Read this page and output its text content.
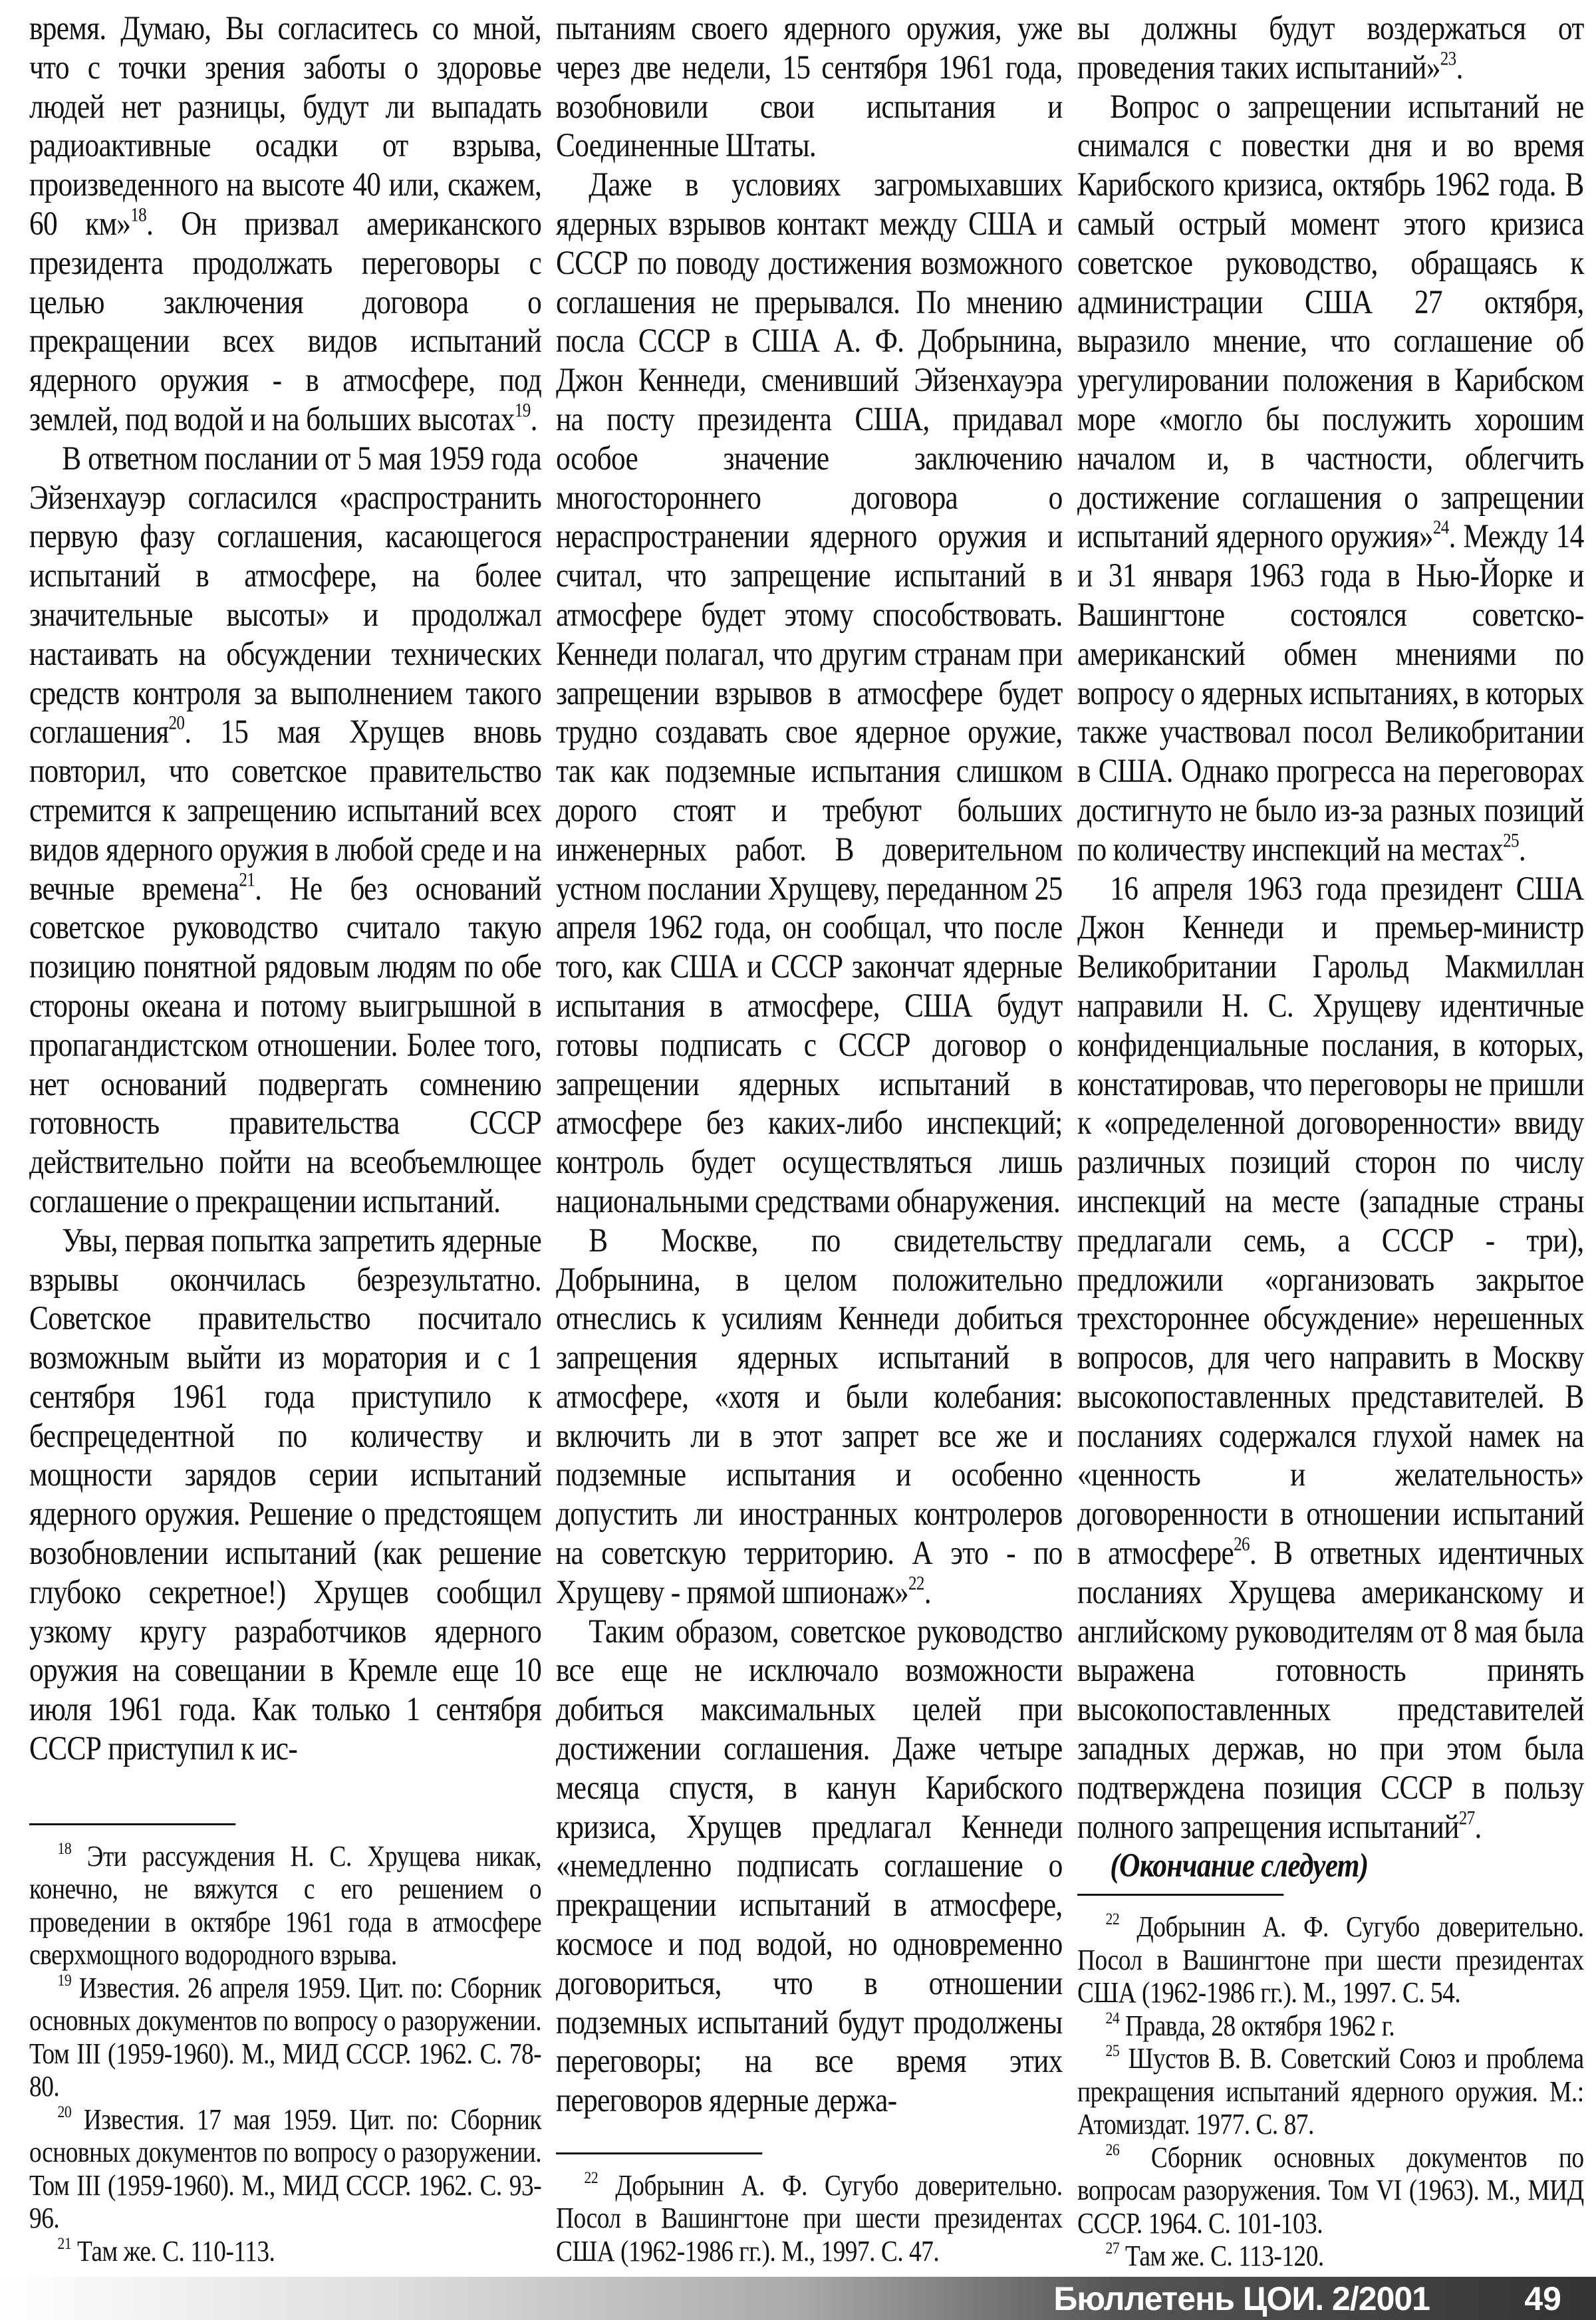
время. Думаю, Вы согласитесь со мной, что с точки зрения заботы о здоровье людей нет разницы, будут ли выпадать радиоактивные осадки от взрыва, произведенного на высоте 40 или, скажем, 60 км»$^{18}$. Он призвал американского президента продолжать переговоры с целью заключения договора о прекращении всех видов испытаний ядерного оружия - в атмосфере, под землей, под водой и на больших высотах$^{19}$.

В ответном послании от 5 мая 1959 года Эйзенхауэр согласился «распространить первую фазу соглашения, касающегося испытаний в атмосфере, на более значительные высоты» и продолжал настаивать на обсуждении технических средств контроля за выполнением такого соглашения$^{20}$. 15 мая Хрущев вновь повторил, что советское правительство стремится к запрещению испытаний всех видов ядерного оружия в любой среде и на вечные времена$^{21}$. Не без оснований советское руководство считало такую позицию понятной рядовым людям по обе стороны океана и потому выигрышной в пропагандистском отношении. Более того, нет оснований подвергать сомнению готовность правительства СССР действительно пойти на всеобъемлющее соглашение о прекращении испытаний.

Увы, первая попытка запретить ядерные взрывы окончилась безрезультатно. Советское правительство посчитало возможным выйти из моратория и с 1 сентября 1961 года приступило к беспрецедентной по количеству и мощности зарядов серии испытаний ядерного оружия. Решение о предстоящем возобновлении испытаний (как решение глубоко секретное!) Хрущев сообщил узкому кругу разработчиков ядерного оружия на совещании в Кремле еще 10 июля 1961 года. Как только 1 сентября СССР приступил к ис-

$^{18}$ Эти рассуждения Н. С. Хрущева никак, конечно, не вяжутся с его решением о проведении в октябре 1961 года в атмосфере сверхмощного водородного взрыва.

$^{19}$ Известия. 26 апреля 1959. Цит. по: Сборник основных документов по вопросу о разоружении. Том III (1959-1960). М., МИД СССР. 1962. С. 78-80.

$^{20}$ Известия. 17 мая 1959. Цит. по: Сборник основных документов по вопросу о разоружении. Том III (1959-1960). М., МИД СССР. 1962. С. 93-96.

$^{21}$ Там же. С. 110-113.

пытаниям своего ядерного оружия, уже через две недели, 15 сентября 1961 года, возобновили свои испытания и Соединенные Штаты.

Даже в условиях загромыхавших ядерных взрывов контакт между США и СССР по поводу достижения возможного соглашения не прерывался. По мнению посла СССР в США А. Ф. Добрынина, Джон Кеннеди, сменивший Эйзенхауэра на посту президента США, придавал особое значение заключению многостороннего договора о нераспространении ядерного оружия и считал, что запрещение испытаний в атмосфере будет этому способствовать. Кеннеди полагал, что другим странам при запрещении взрывов в атмосфере будет трудно создавать свое ядерное оружие, так как подземные испытания слишком дорого стоят и требуют больших инженерных работ. В доверительном устном послании Хрущеву, переданном 25 апреля 1962 года, он сообщал, что после того, как США и СССР закончат ядерные испытания в атмосфере, США будут готовы подписать с СССР договор о запрещении ядерных испытаний в атмосфере без каких-либо инспекций; контроль будет осуществляться лишь национальными средствами обнаружения.

В Москве, по свидетельству Добрынина, в целом положительно отнеслись к усилиям Кеннеди добиться запрещения ядерных испытаний в атмосфере, «хотя и были колебания: включить ли в этот запрет все же и подземные испытания и особенно допустить ли иностранных контролеров на советскую территорию. А это - по Хрущеву - прямой шпионаж»$^{22}$.

Таким образом, советское руководство все еще не исключало возможности добиться максимальных целей при достижении соглашения. Даже четыре месяца спустя, в канун Карибского кризиса, Хрущев предлагал Кеннеди «немедленно подписать соглашение о прекращении испытаний в атмосфере, космосе и под водой, но одновременно договориться, что в отношении подземных испытаний будут продолжены переговоры; на все время этих переговоров ядерные держа-

$^{22}$ Добрынин А. Ф. Сугубо доверительно. Посол в Вашингтоне при шести президентах США (1962-1986 гг.). М., 1997. С. 47.

вы должны будут воздержаться от проведения таких испытаний»$^{23}$.

Вопрос о запрещении испытаний не снимался с повестки дня и во время Карибского кризиса, октябрь 1962 года. В самый острый момент этого кризиса советское руководство, обращаясь к администрации США 27 октября, выразило мнение, что соглашение об урегулировании положения в Карибском море «могло бы послужить хорошим началом и, в частности, облегчить достижение соглашения о запрещении испытаний ядерного оружия»$^{24}$. Между 14 и 31 января 1963 года в Нью-Йорке и Вашингтоне состоялся советско-американский обмен мнениями по вопросу о ядерных испытаниях, в которых также участвовал посол Великобритании в США. Однако прогресса на переговорах достигнуто не было из-за разных позиций по количеству инспекций на местах$^{25}$.

16 апреля 1963 года президент США Джон Кеннеди и премьер-министр Великобритании Гарольд Макмиллан направили Н. С. Хрущеву идентичные конфиденциальные послания, в которых, констатировав, что переговоры не пришли к «определенной договоренности» ввиду различных позиций сторон по числу инспекций на месте (западные страны предлагали семь, а СССР - три), предложили «организовать закрытое трехстороннее обсуждение» нерешенных вопросов, для чего направить в Москву высокопоставленных представителей. В посланиях содержался глухой намек на «ценность и желательность» договоренности в отношении испытаний в атмосфере$^{26}$. В ответных идентичных посланиях Хрущева американскому и английскому руководителям от 8 мая была выражена готовность принять высокопоставленных представителей западных держав, но при этом была подтверждена позиция СССР в пользу полного запрещения испытаний$^{27}$.

(Окончание следует)

$^{22}$ Добрынин А. Ф. Сугубо доверительно. Посол в Вашингтоне при шести президентах США (1962-1986 гг.). М., 1997. С. 54.

$^{24}$ Правда, 28 октября 1962 г.

$^{25}$ Шустов В. В. Советский Союз и проблема прекращения испытаний ядерного оружия. М.: Атомиздат. 1977. С. 87.

$^{26}$ Сборник основных документов по вопросам разоружения. Том VI (1963). М., МИД СССР. 1964. С. 101-103.

$^{27}$ Там же. С. 113-120.

Бюллетень ЦОИ. 2/2001	49
